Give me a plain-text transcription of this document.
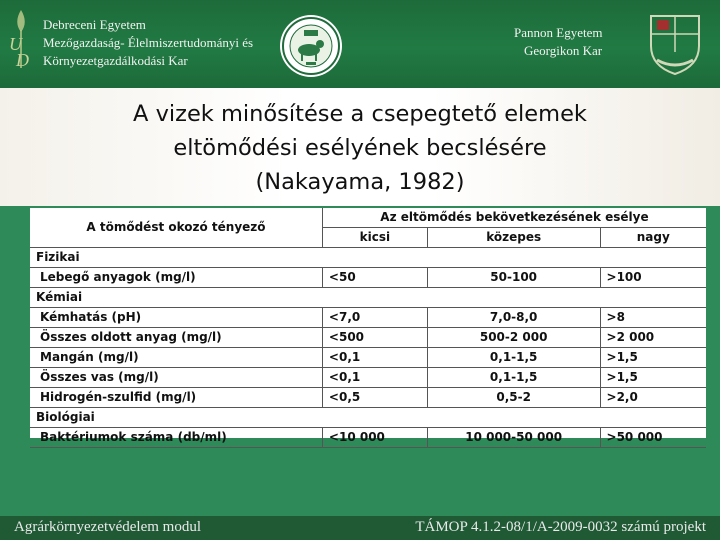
U
D
Debreceni Egyetem
Mezőgazdaság- Élelmiszertudományi és
Környezetgazdálkodási Kar
Pannon Egyetem
Georgikon Kar
A vizek minősítése a csepegtető elemek
eltömődési esélyének becslésére
(Nakayama, 1982)
A tömődést okozó tényező	Az eltömődés bekövetkezésének esélye		
	kicsi	közepes	nagy
Fizikai			
Lebegő anyagok (mg/l)	<50	50-100	>100
Kémiai			
Kémhatás (pH)	<7,0	7,0-8,0	>8
Összes oldott anyag (mg/l)	<500	500-2 000	>2 000
Mangán (mg/l)	<0,1	0,1-1,5	>1,5
Összes vas (mg/l)	<0,1	0,1-1,5	>1,5
Hidrogén-szulfid (mg/l)	<0,5	0,5-2	>2,0
Biológiai			
Baktériumok száma (db/ml)	<10 000	10 000-50 000	>50 000
Agrárkörnyezetvédelem modul	TÁMOP 4.1.2-08/1/A-2009-0032 számú projekt
